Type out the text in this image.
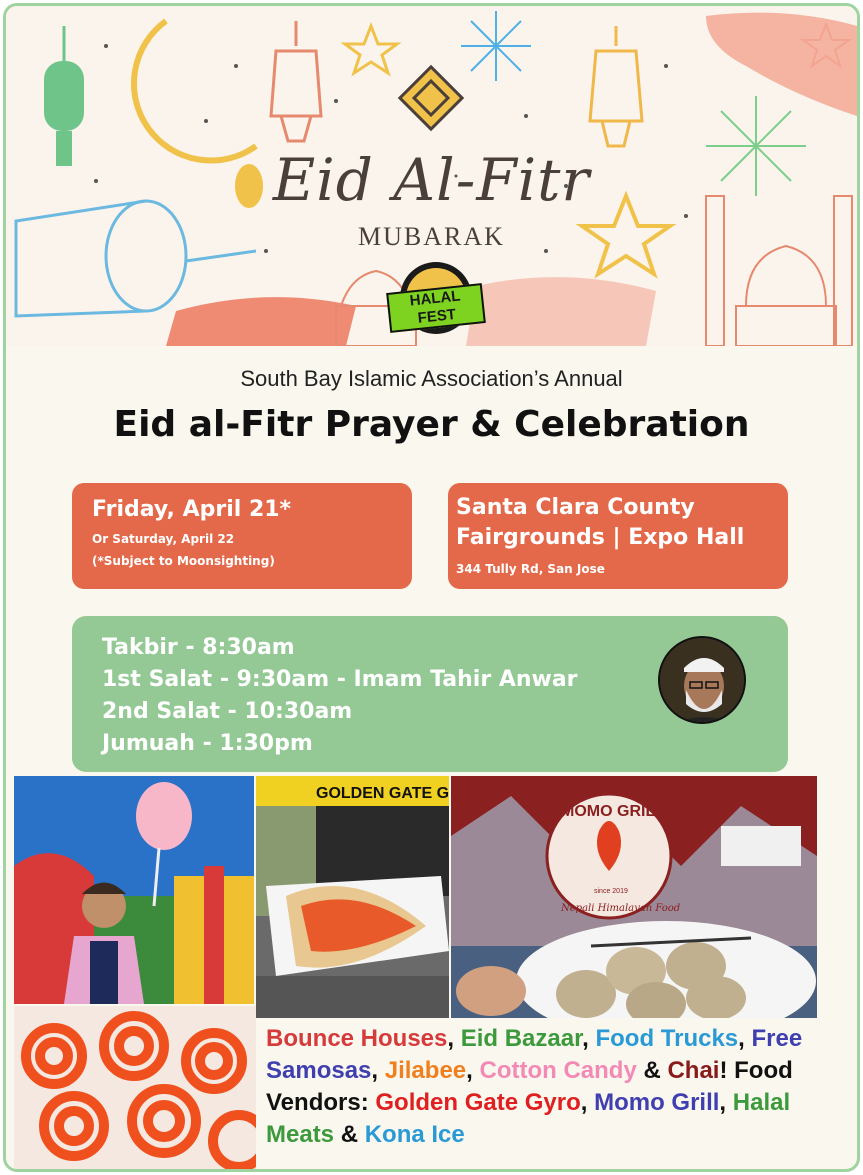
Eid Al-Fitr
MUBARAK
HALAL FEST
South Bay Islamic Association’s Annual
Eid al-Fitr Prayer & Celebration
Friday, April 21*
Or Saturday, April 22
(*Subject to Moonsighting)
Santa Clara County
Fairgrounds | Expo Hall
344 Tully Rd, San Jose
Takbir - 8:30am
1st Salat - 9:30am - Imam Tahir Anwar
2nd Salat - 10:30am
Jumuah - 1:30pm
GOLDEN GATE G
MOMO GRILL
Nepali Himalayan Food
since 2019
Bounce Houses, Eid Bazaar, Food Trucks, Free Samosas, Jilabee, Cotton Candy & Chai! Food Vendors: Golden Gate Gyro, Momo Grill, Halal Meats & Kona Ice
